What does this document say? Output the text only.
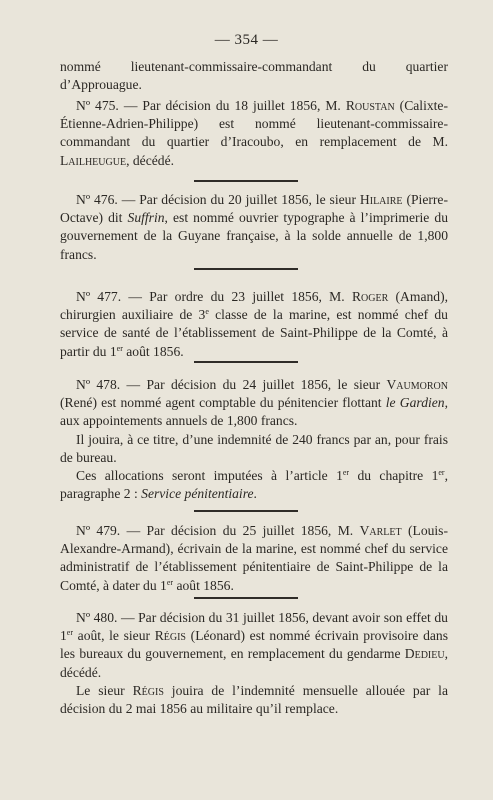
— 354 —

nommé lieutenant-commissaire-commandant du quartier d’Approuague.

Nº 475. — Par décision du 18 juillet 1856, M. Roustan (Calixte-Étienne-Adrien-Philippe) est nommé lieutenant-commissaire-commandant du quartier d’Iracoubo, en remplacement de M. Lailheugue, décédé.

Nº 476. — Par décision du 20 juillet 1856, le sieur Hilaire (Pierre-Octave) dit Suffrin, est nommé ouvrier typographe à l’imprimerie du gouvernement de la Guyane française, à la solde annuelle de 1,800 francs.

Nº 477. — Par ordre du 23 juillet 1856, M. Roger (Amand), chirurgien auxiliaire de 3e classe de la marine, est nommé chef du service de santé de l’établissement de Saint-Philippe de la Comté, à partir du 1er août 1856.

Nº 478. — Par décision du 24 juillet 1856, le sieur Vaumoron (René) est nommé agent comptable du pénitencier flottant le Gardien, aux appointements annuels de 1,800 francs.

Il jouira, à ce titre, d’une indemnité de 240 francs par an, pour frais de bureau.

Ces allocations seront imputées à l’article 1er du chapitre 1er, paragraphe 2 : Service pénitentiaire.

Nº 479. — Par décision du 25 juillet 1856, M. Varlet (Louis-Alexandre-Armand), écrivain de la marine, est nommé chef du service administratif de l’établissement pénitentiaire de Saint-Philippe de la Comté, à dater du 1er août 1856.

Nº 480. — Par décision du 31 juillet 1856, devant avoir son effet du 1er août, le sieur Régis (Léonard) est nommé écrivain provisoire dans les bureaux du gouvernement, en remplacement du gendarme Dedieu, décédé.

Le sieur Régis jouira de l’indemnité mensuelle allouée par la décision du 2 mai 1856 au militaire qu’il remplace.
